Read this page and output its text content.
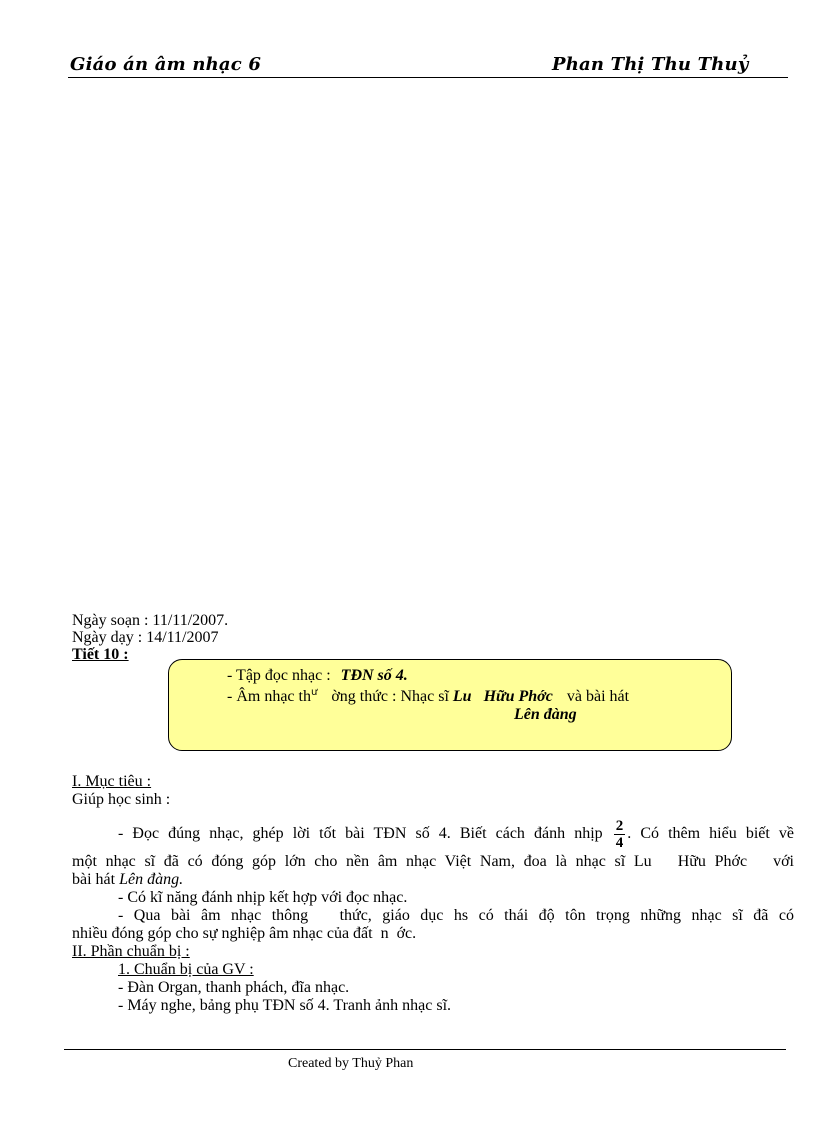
Giáo án âm nhạc 6	Phan Thị Thu Thuỷ
Ngày soạn : 11/11/2007.
Ngày dạy : 14/11/2007
Tiết 10 :
- Tập đọc nhạc : TĐN số 4.
- Âm nhạc $th^ư$ ờng thức : Nhạc sĩ Lu   Hữu Phớc và bài hát
Lên đàng
I. Mục tiêu :
Giúp học sinh :
- Đọc đúng nhạc, ghép lời tốt bài TĐN số 4. Biết cách đánh nhịp $\frac{2}{4}$ . Có thêm hiểu biết về
một nhạc sĩ đã có đóng góp lớn cho nền âm nhạc Việt Nam, đoa là nhạc sĩ Lu   Hữu Phớc   với
bài hát Lên đàng.
- Có kĩ năng đánh nhịp kết hợp với đọc nhạc.
- Qua bài âm nhạc thông   thức, giáo dục hs có thái độ tôn trọng những nhạc sĩ đã có
nhiều đóng góp cho sự nghiệp âm nhạc của đất  n  ớc.
II. Phần chuẩn bị :
1. Chuẩn bị của GV :
- Đàn Organ, thanh phách, đĩa nhạc.
- Máy nghe, bảng phụ TĐN số 4. Tranh ảnh nhạc sĩ.
Created by Thuỷ Phan
